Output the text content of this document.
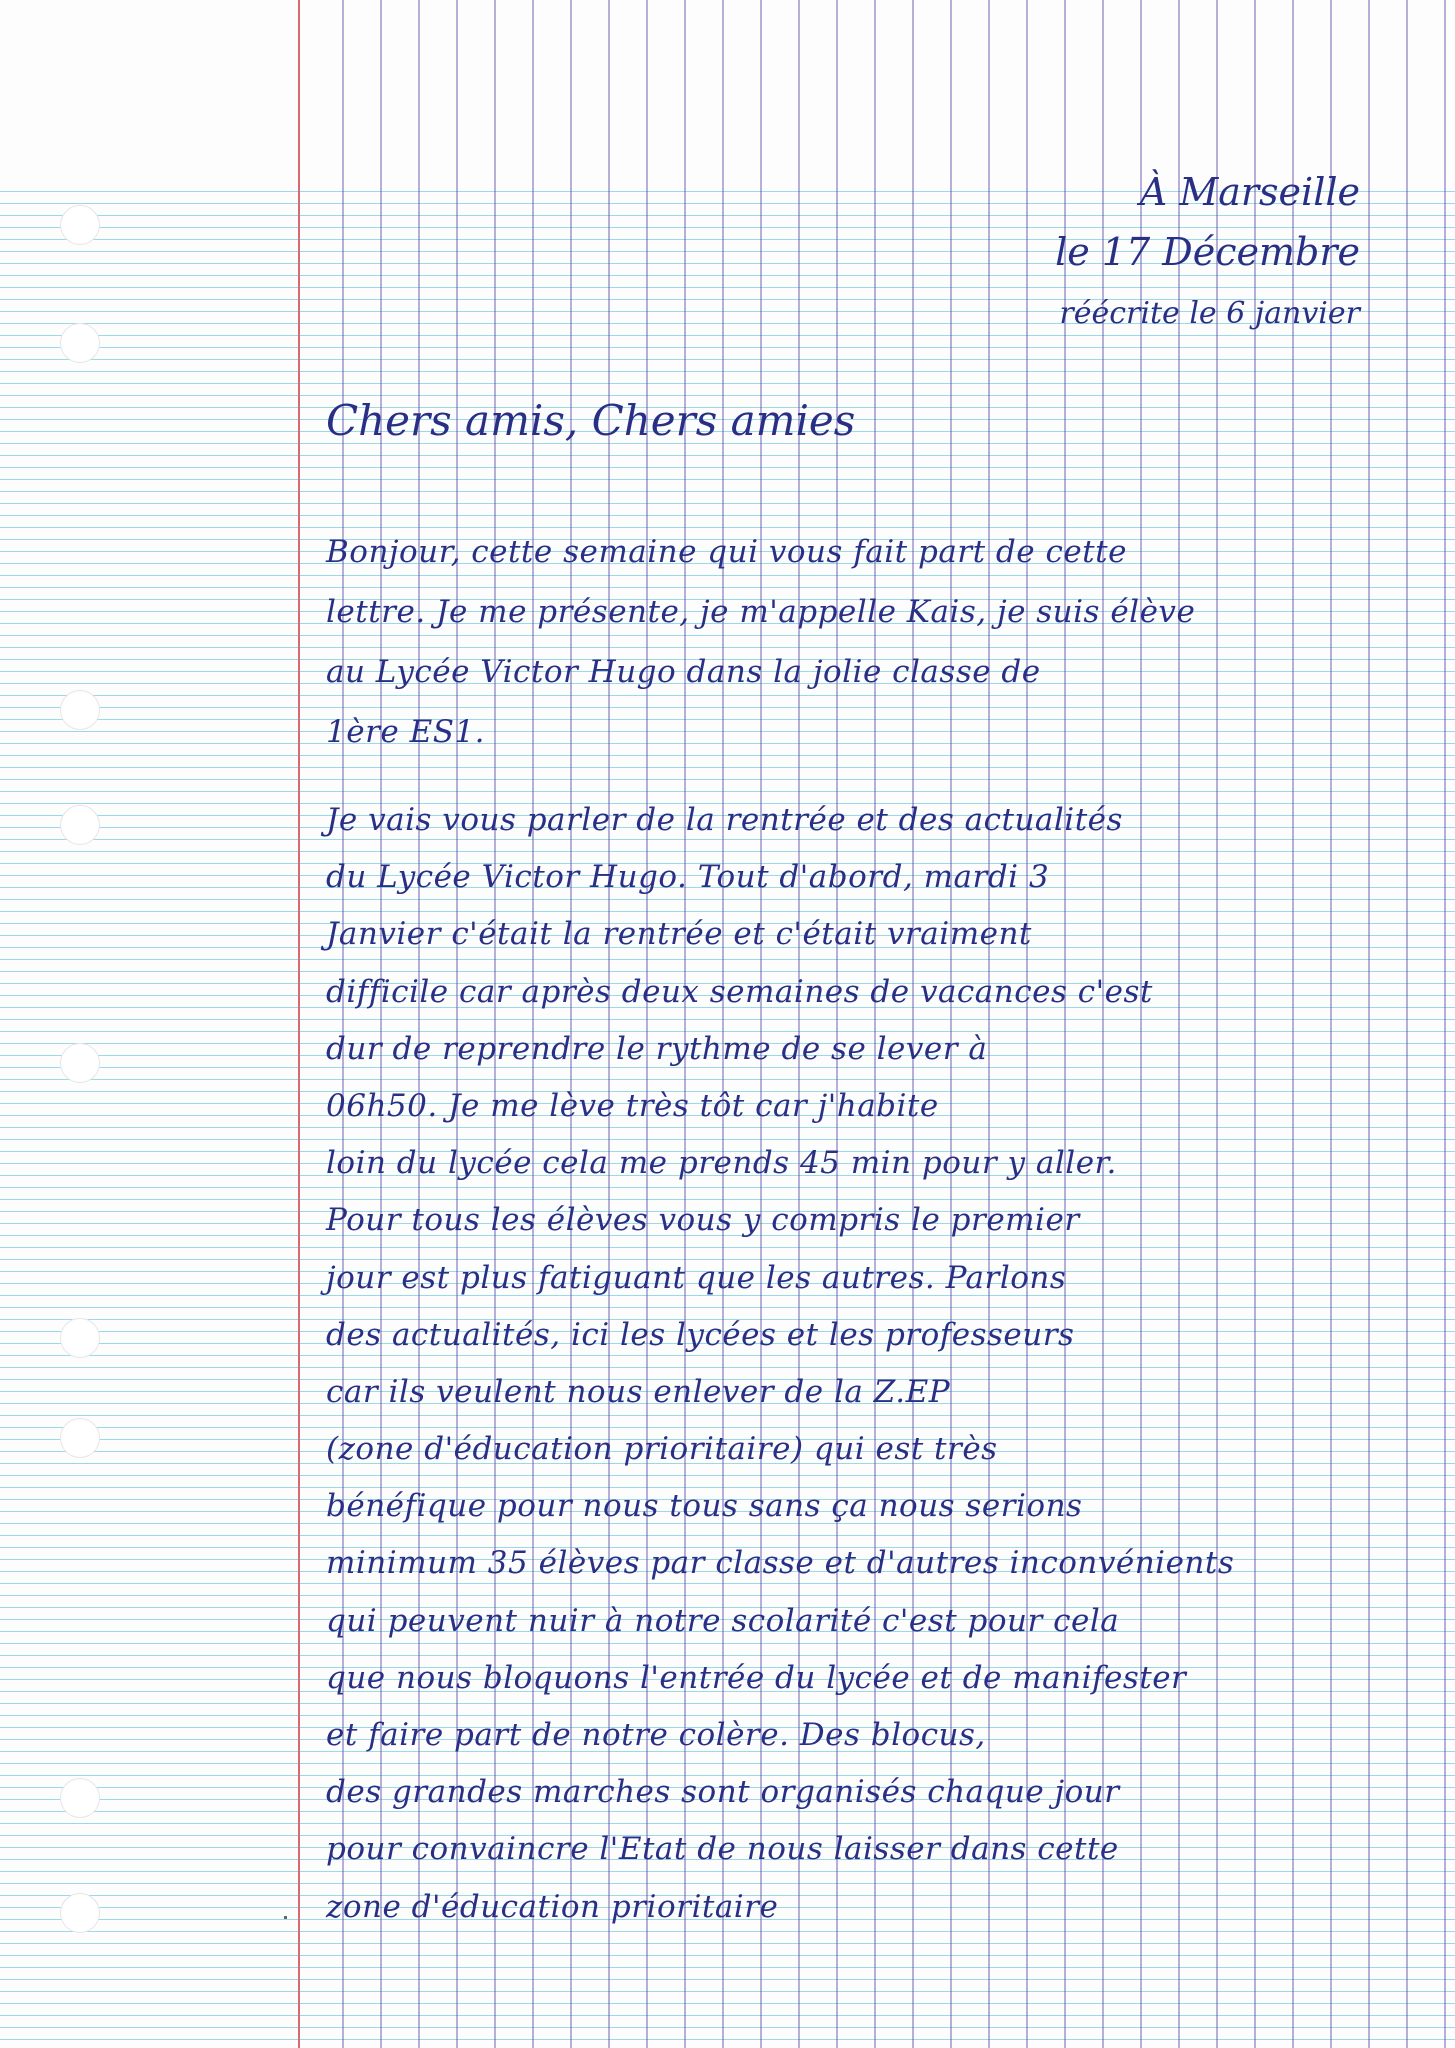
À Marseille
le 17 Décembre
réécrite le 6 janvier
Chers amis, Chers amies
Bonjour, cette semaine qui vous fait part de cette
lettre. Je me présente, je m'appelle Kais, je suis élève
au Lycée Victor Hugo dans la jolie classe de
1ère ES1.
Je vais vous parler de la rentrée et des actualités
du Lycée Victor Hugo. Tout d'abord, mardi 3
Janvier c'était la rentrée et c'était vraiment
difficile car après deux semaines de vacances c'est
dur de reprendre le rythme de se lever à
06h50. Je me lève très tôt car j'habite
loin du lycée cela me prends 45 min pour y aller.
Pour tous les élèves vous y compris le premier
jour est plus fatiguant que les autres. Parlons
des actualités, ici les lycées et les professeurs
car ils veulent nous enlever de la Z.EP
(zone d'éducation prioritaire) qui est très
bénéfique pour nous tous sans ça nous serions
minimum 35 élèves par classe et d'autres inconvénients
qui peuvent nuir à notre scolarité c'est pour cela
que nous bloquons l'entrée du lycée et de manifester
et faire part de notre colère. Des blocus,
des grandes marches sont organisés chaque jour
pour convaincre l'Etat de nous laisser dans cette
zone d'éducation prioritaire
